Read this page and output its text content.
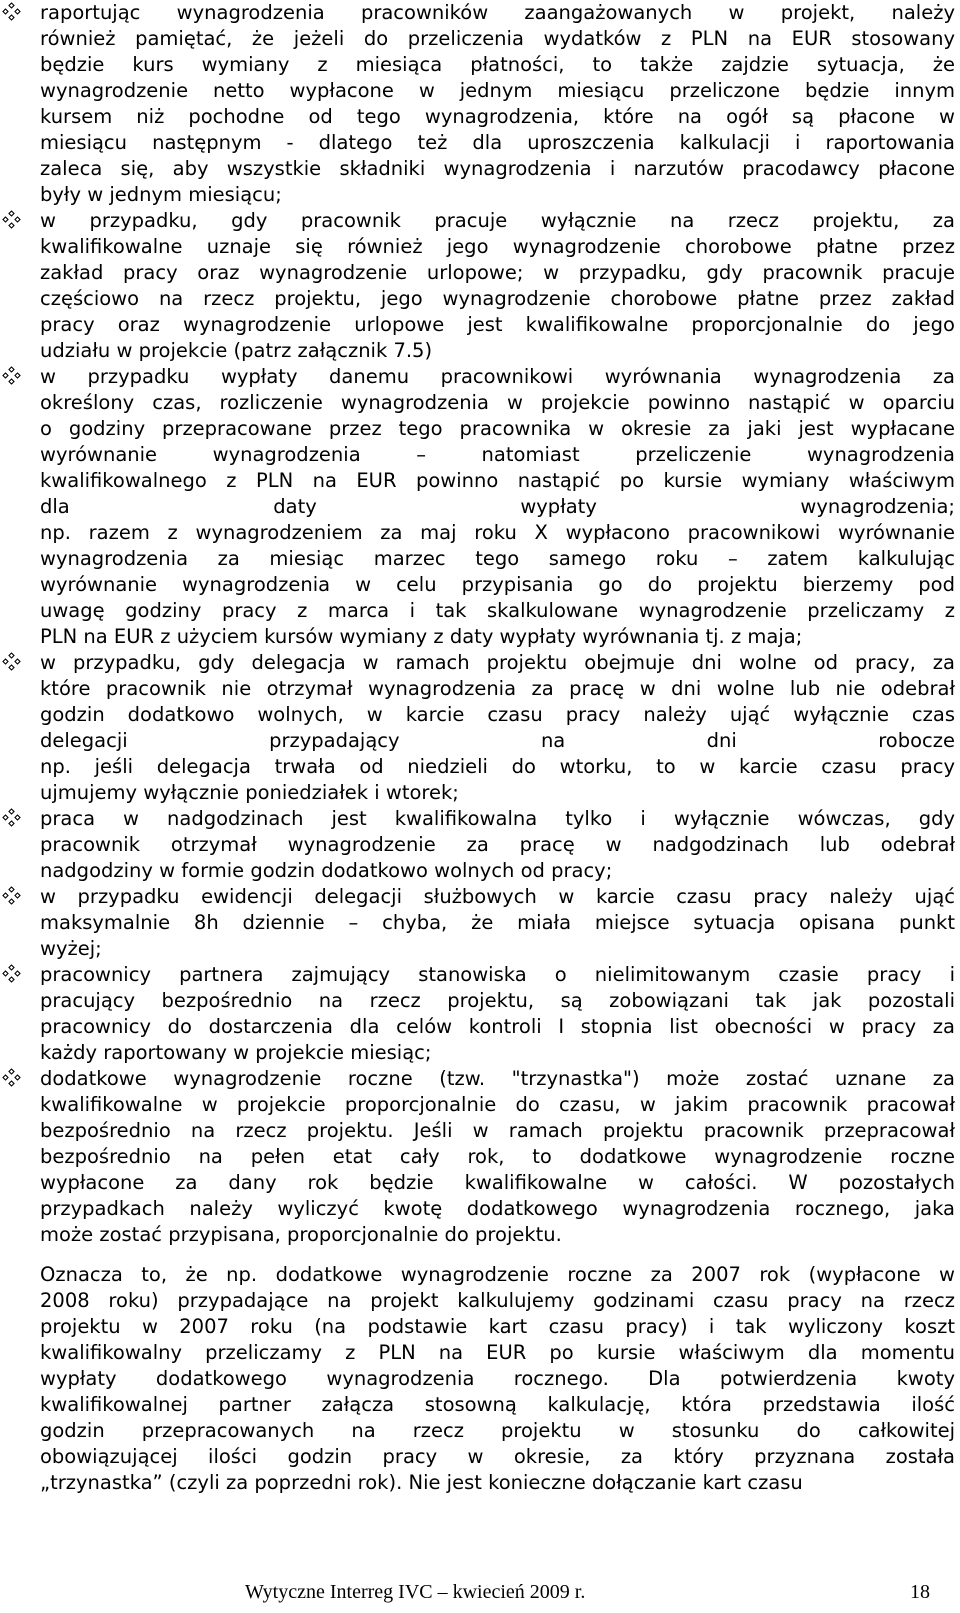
raportując wynagrodzenia pracowników zaangażowanych w projekt, należy
również pamiętać, że jeżeli do przeliczenia wydatków z PLN na EUR stosowany
będzie kurs wymiany z miesiąca płatności, to także zajdzie sytuacja, że
wynagrodzenie netto wypłacone w jednym miesiącu przeliczone będzie innym
kursem niż pochodne od tego wynagrodzenia, które na ogół są płacone w
miesiącu następnym - dlatego też dla uproszczenia kalkulacji i raportowania
zaleca się, aby wszystkie składniki wynagrodzenia i narzutów pracodawcy płacone
były w jednym miesiącu;
w przypadku, gdy pracownik pracuje wyłącznie na rzecz projektu, za
kwalifikowalne uznaje się również jego wynagrodzenie chorobowe płatne przez
zakład pracy oraz wynagrodzenie urlopowe; w przypadku, gdy pracownik pracuje
częściowo na rzecz projektu, jego wynagrodzenie chorobowe płatne przez zakład
pracy oraz wynagrodzenie urlopowe jest kwalifikowalne proporcjonalnie do jego
udziału w projekcie (patrz załącznik 7.5)
w przypadku wypłaty danemu pracownikowi wyrównania wynagrodzenia za
określony czas, rozliczenie wynagrodzenia w projekcie powinno nastąpić w oparciu
o godziny przepracowane przez tego pracownika w okresie za jaki jest wypłacane
wyrównanie wynagrodzenia – natomiast przeliczenie wynagrodzenia
kwalifikowalnego z PLN na EUR powinno nastąpić po kursie wymiany właściwym
dla daty wypłaty wynagrodzenia;
np. razem z wynagrodzeniem za maj roku X wypłacono pracownikowi wyrównanie
wynagrodzenia za miesiąc marzec tego samego roku – zatem kalkulując
wyrównanie wynagrodzenia w celu przypisania go do projektu bierzemy pod
uwagę godziny pracy z marca i tak skalkulowane wynagrodzenie przeliczamy z
PLN na EUR z użyciem kursów wymiany z daty wypłaty wyrównania tj. z maja;
w przypadku, gdy delegacja w ramach projektu obejmuje dni wolne od pracy, za
które pracownik nie otrzymał wynagrodzenia za pracę w dni wolne lub nie odebrał
godzin dodatkowo wolnych, w karcie czasu pracy należy ująć wyłącznie czas
delegacji przypadający na dni robocze
np. jeśli delegacja trwała od niedzieli do wtorku, to w karcie czasu pracy
ujmujemy wyłącznie poniedziałek i wtorek;
praca w nadgodzinach jest kwalifikowalna tylko i wyłącznie wówczas, gdy
pracownik otrzymał wynagrodzenie za pracę w nadgodzinach lub odebrał
nadgodziny w formie godzin dodatkowo wolnych od pracy;
w przypadku ewidencji delegacji służbowych w karcie czasu pracy należy ująć
maksymalnie 8h dziennie – chyba, że miała miejsce sytuacja opisana punkt
wyżej;
pracownicy partnera zajmujący stanowiska o nielimitowanym czasie pracy i
pracujący bezpośrednio na rzecz projektu, są zobowiązani tak jak pozostali
pracownicy do dostarczenia dla celów kontroli I stopnia list obecności w pracy za
każdy raportowany w projekcie miesiąc;
dodatkowe wynagrodzenie roczne (tzw. "trzynastka") może zostać uznane za
kwalifikowalne w projekcie proporcjonalnie do czasu, w jakim pracownik pracował
bezpośrednio na rzecz projektu. Jeśli w ramach projektu pracownik przepracował
bezpośrednio na pełen etat cały rok, to dodatkowe wynagrodzenie roczne
wypłacone za dany rok będzie kwalifikowalne w całości. W pozostałych
przypadkach należy wyliczyć kwotę dodatkowego wynagrodzenia rocznego, jaka
może zostać przypisana, proporcjonalnie do projektu.
Oznacza to, że np. dodatkowe wynagrodzenie roczne za 2007 rok (wypłacone w
2008 roku) przypadające na projekt kalkulujemy godzinami czasu pracy na rzecz
projektu w 2007 roku (na podstawie kart czasu pracy) i tak wyliczony koszt
kwalifikowalny przeliczamy z PLN na EUR po kursie właściwym dla momentu
wypłaty dodatkowego wynagrodzenia rocznego. Dla potwierdzenia kwoty
kwalifikowalnej partner załącza stosowną kalkulację, która przedstawia ilość
godzin przepracowanych na rzecz projektu w stosunku do całkowitej
obowiązującej ilości godzin pracy w okresie, za który przyznana została
„trzynastka” (czyli za poprzedni rok). Nie jest konieczne dołączanie kart czasu
Wytyczne Interreg IVC – kwiecień 2009 r.	18
